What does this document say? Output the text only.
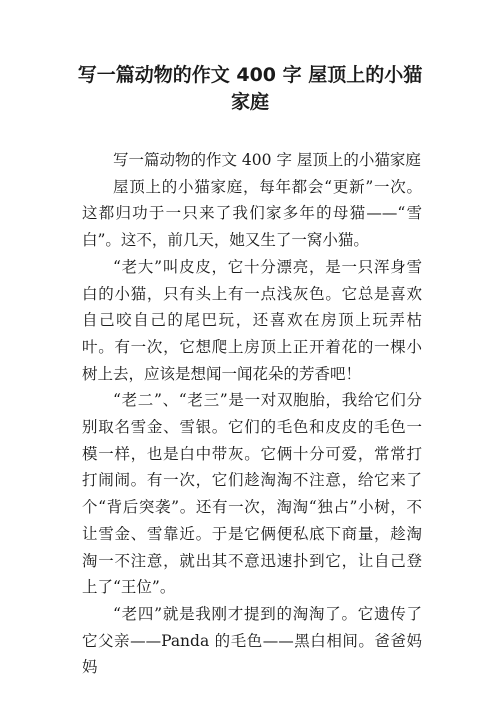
写一篇动物的作文 400 字 屋顶上的小猫家庭

写一篇动物的作文 400 字 屋顶上的小猫家庭

屋顶上的小猫家庭，每年都会“更新”一次。这都归功于一只来了我们家多年的母猫——“雪白”。这不，前几天，她又生了一窝小猫。

“老大”叫皮皮，它十分漂亮，是一只浑身雪白的小猫，只有头上有一点浅灰色。它总是喜欢自己咬自己的尾巴玩，还喜欢在房顶上玩弄枯叶。有一次，它想爬上房顶上正开着花的一棵小树上去，应该是想闻一闻花朵的芳香吧！

“老二”、“老三”是一对双胞胎，我给它们分别取名雪金、雪银。它们的毛色和皮皮的毛色一模一样，也是白中带灰。它俩十分可爱，常常打打闹闹。有一次，它们趁淘淘不注意，给它来了个“背后突袭”。还有一次，淘淘“独占”小树，不让雪金、雪靠近。于是它俩便私底下商量，趁淘淘一不注意，就出其不意迅速扑到它，让自己登上了“王位”。

“老四”就是我刚才提到的淘淘了。它遗传了它父亲——Panda 的毛色——黑白相间。爸爸妈妈
